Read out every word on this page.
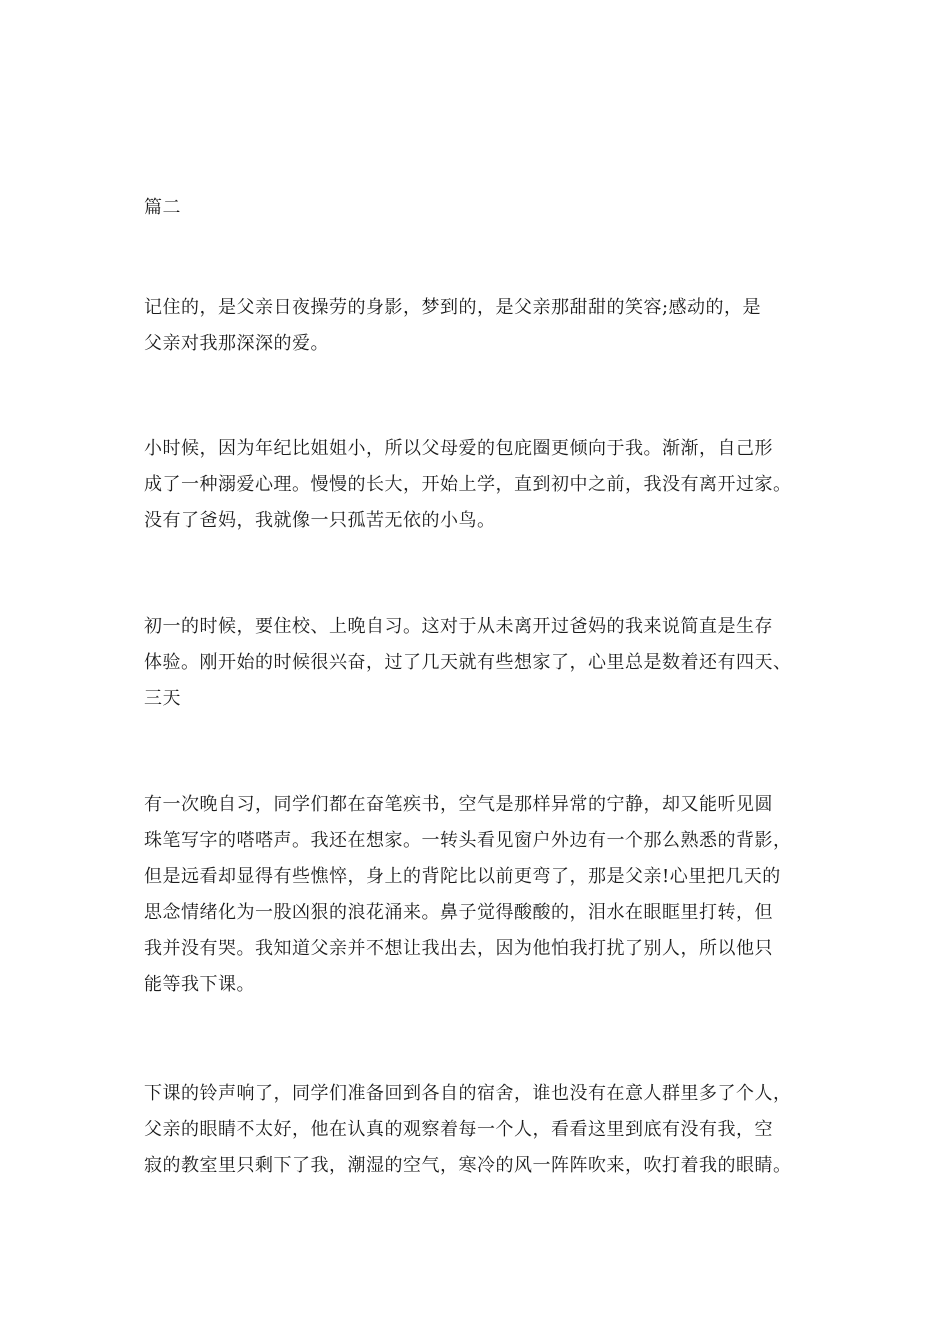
篇二
记住的，是父亲日夜操劳的身影，梦到的，是父亲那甜甜的笑容;感动的，是
父亲对我那深深的爱。
小时候，因为年纪比姐姐小，所以父母爱的包庇圈更倾向于我。渐渐，自己形
成了一种溺爱心理。慢慢的长大，开始上学，直到初中之前，我没有离开过家。
没有了爸妈，我就像一只孤苦无依的小鸟。
初一的时候，要住校、上晚自习。这对于从未离开过爸妈的我来说简直是生存
体验。刚开始的时候很兴奋，过了几天就有些想家了，心里总是数着还有四天、
三天
有一次晚自习，同学们都在奋笔疾书，空气是那样异常的宁静，却又能听见圆
珠笔写字的嗒嗒声。我还在想家。一转头看见窗户外边有一个那么熟悉的背影，
但是远看却显得有些憔悴，身上的背陀比以前更弯了，那是父亲!心里把几天的
思念情绪化为一股凶狠的浪花涌来。鼻子觉得酸酸的，泪水在眼眶里打转，但
我并没有哭。我知道父亲并不想让我出去，因为他怕我打扰了别人，所以他只
能等我下课。
下课的铃声响了，同学们准备回到各自的宿舍，谁也没有在意人群里多了个人，
父亲的眼睛不太好，他在认真的观察着每一个人，看看这里到底有没有我，空
寂的教室里只剩下了我，潮湿的空气，寒冷的风一阵阵吹来，吹打着我的眼睛。
